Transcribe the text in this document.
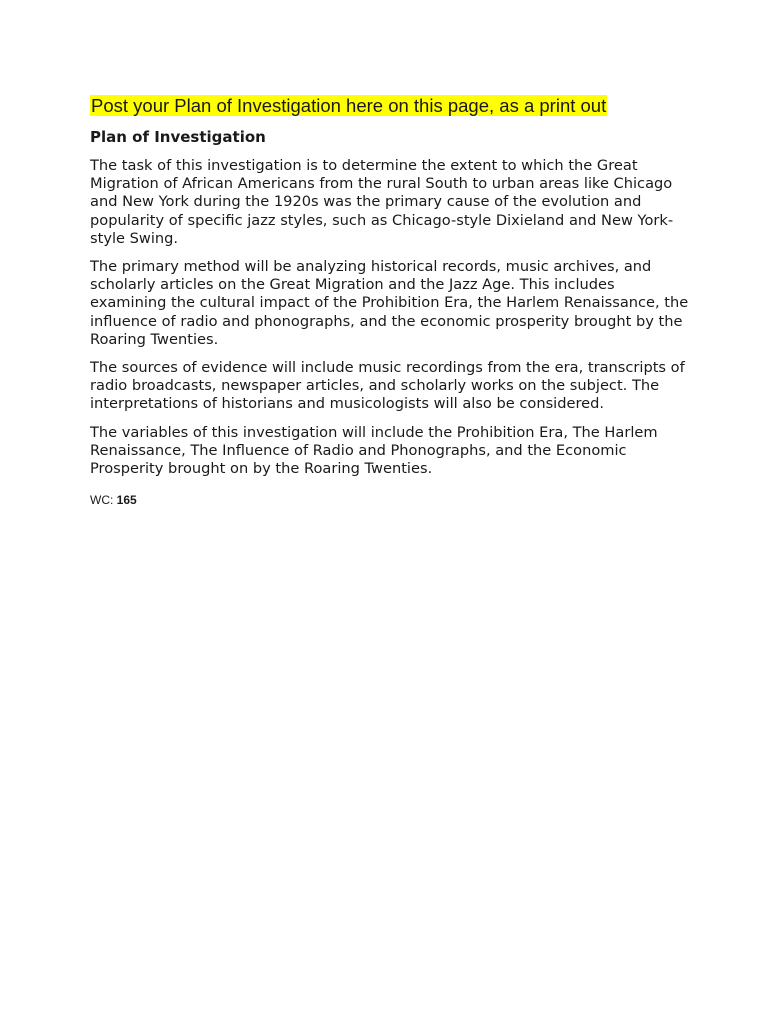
Post your Plan of Investigation here on this page, as a print out
Plan of Investigation

The task of this investigation is to determine the extent to which the Great Migration of African Americans from the rural South to urban areas like Chicago and New York during the 1920s was the primary cause of the evolution and popularity of specific jazz styles, such as Chicago-style Dixieland and New York-style Swing.

The primary method will be analyzing historical records, music archives, and scholarly articles on the Great Migration and the Jazz Age. This includes examining the cultural impact of the Prohibition Era, the Harlem Renaissance, the influence of radio and phonographs, and the economic prosperity brought by the Roaring Twenties.

The sources of evidence will include music recordings from the era, transcripts of radio broadcasts, newspaper articles, and scholarly works on the subject. The interpretations of historians and musicologists will also be considered.

The variables of this investigation will include the Prohibition Era, The Harlem Renaissance, The Influence of Radio and Phonographs, and the Economic Prosperity brought on by the Roaring Twenties.

WC: 165
